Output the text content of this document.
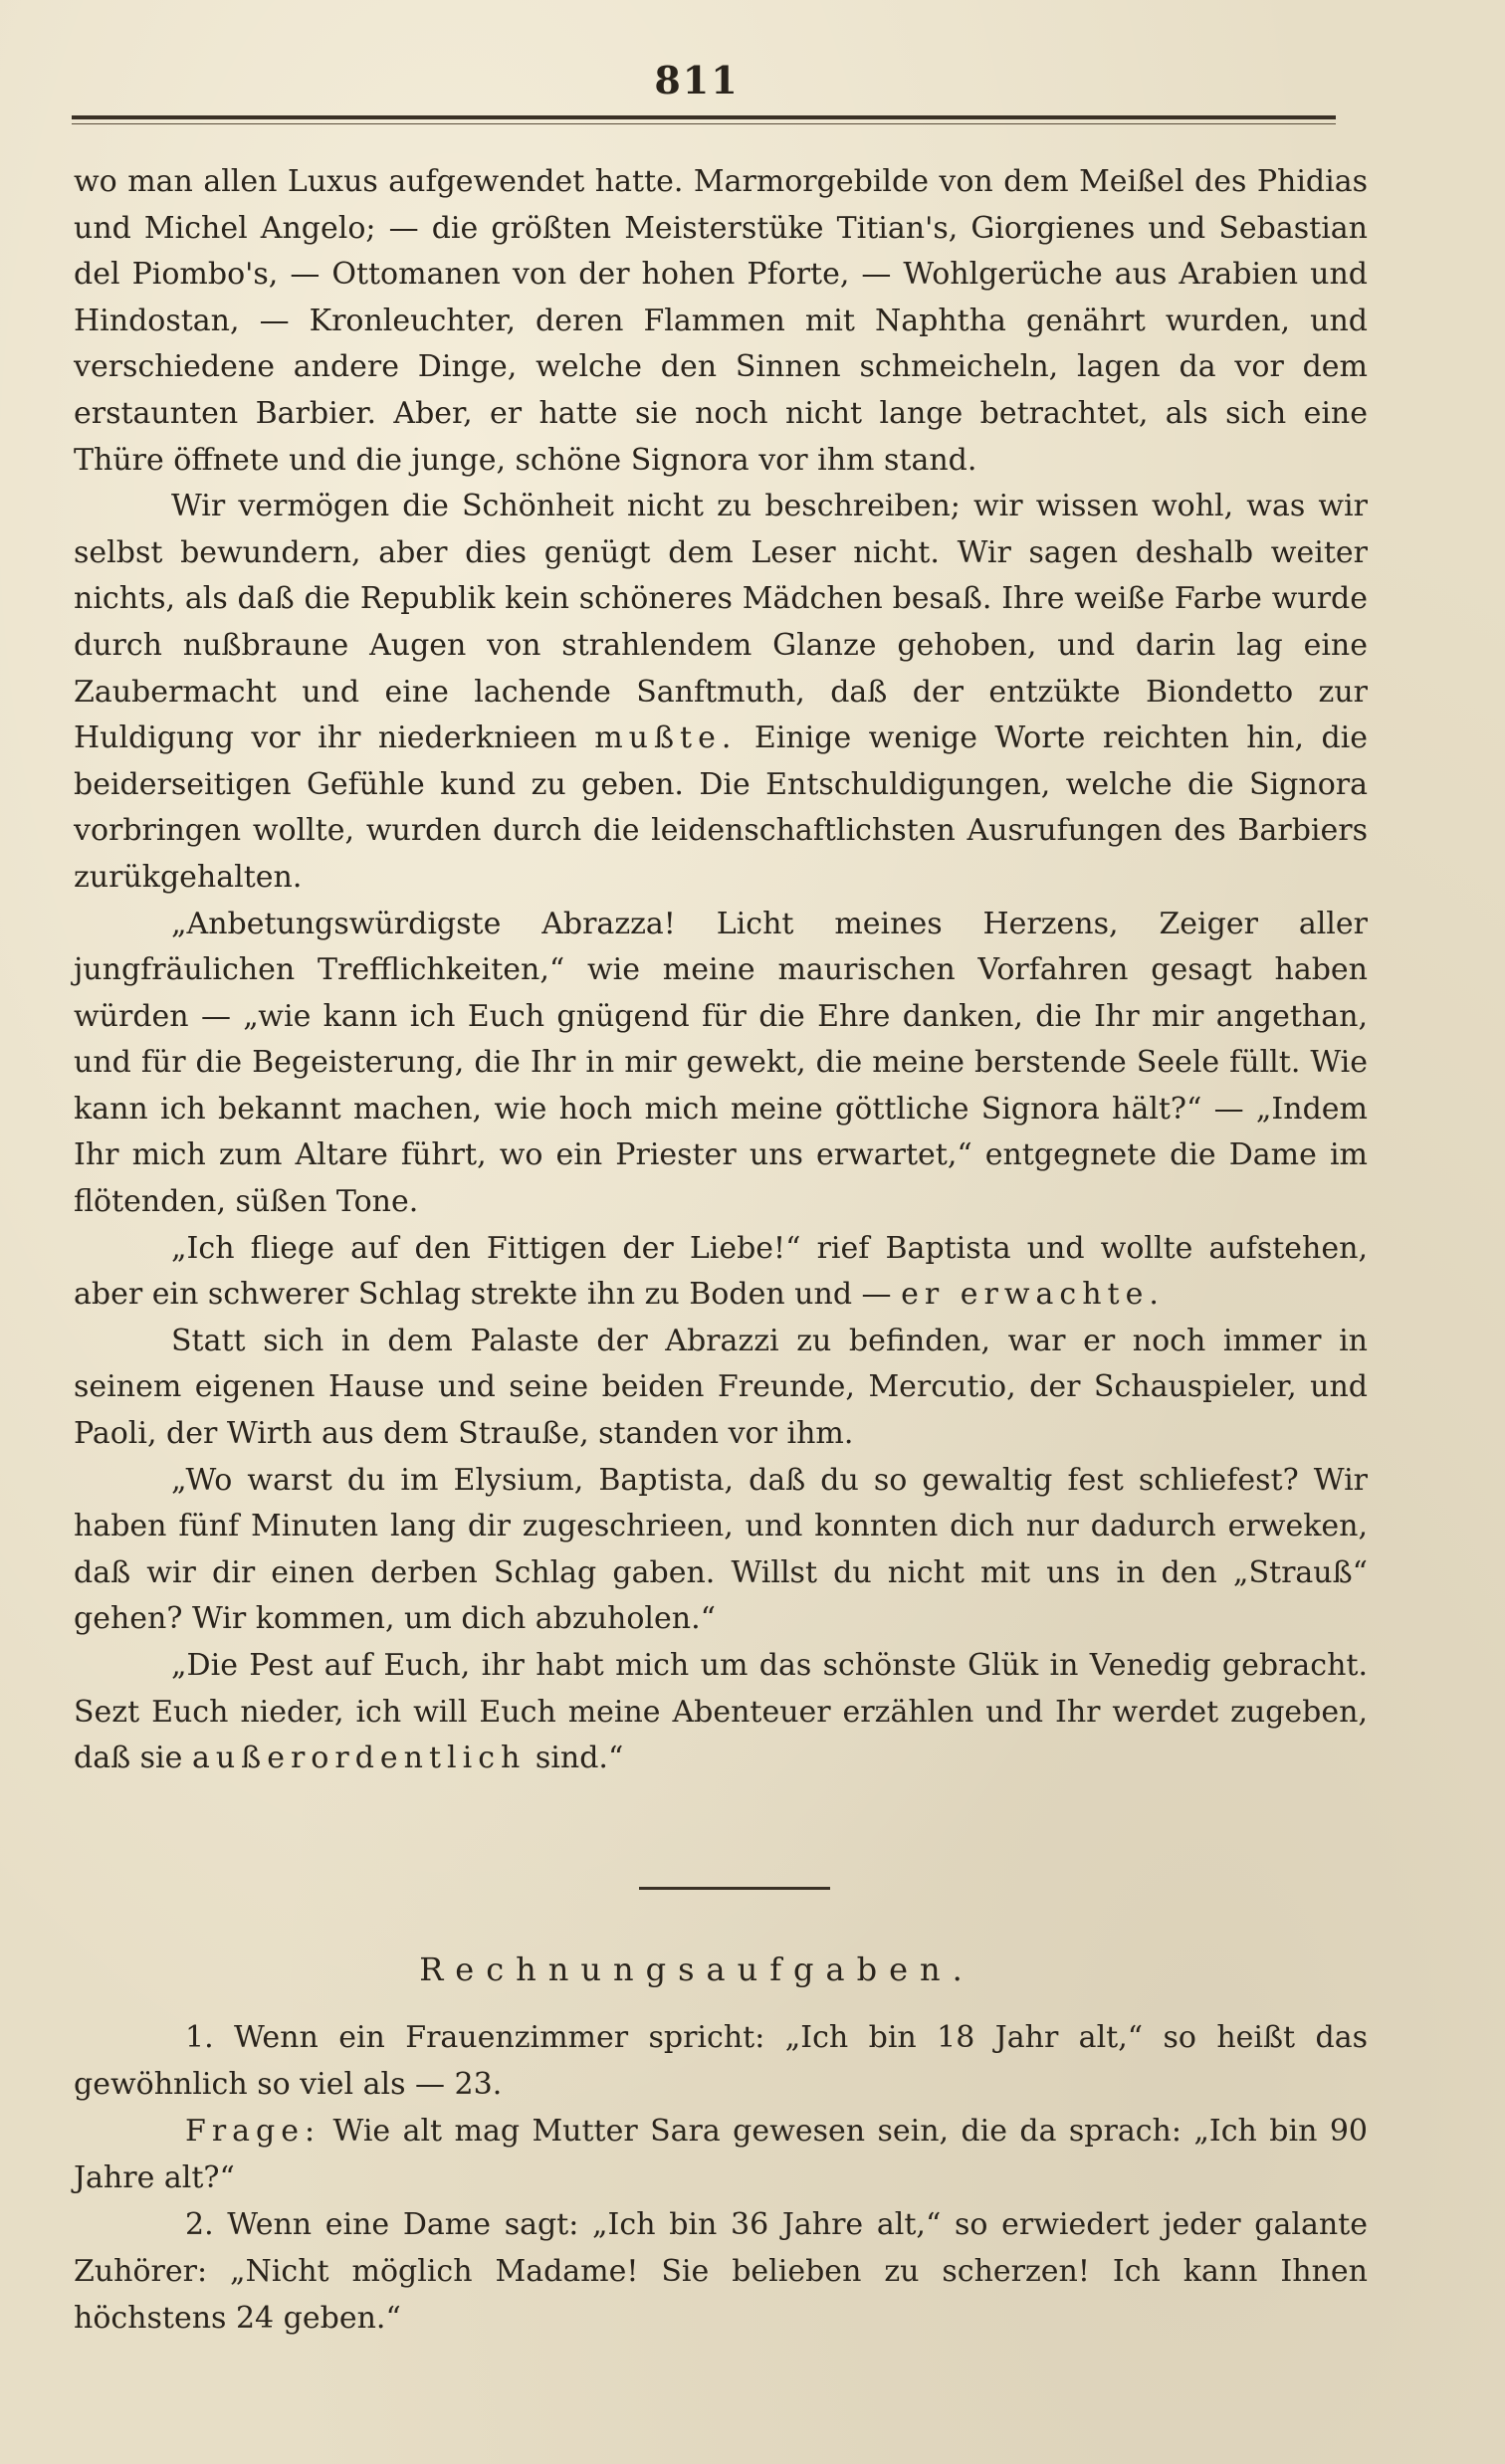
811

wo man allen Luxus aufgewendet hatte. Marmorgebilde von dem Meißel des Phidias und Michel Angelo; — die größten Meisterstüke Titian's, Giorgienes und Sebastian del Piombo's, — Ottomanen von der hohen Pforte, — Wohlgerüche aus Arabien und Hindostan, — Kronleuchter, deren Flammen mit Naphtha genährt wurden, und verschiedene andere Dinge, welche den Sinnen schmeicheln, lagen da vor dem erstaunten Barbier. Aber, er hatte sie noch nicht lange betrachtet, als sich eine Thüre öffnete und die junge, schöne Signora vor ihm stand.

Wir vermögen die Schönheit nicht zu beschreiben; wir wissen wohl, was wir selbst bewundern, aber dies genügt dem Leser nicht. Wir sagen deshalb weiter nichts, als daß die Republik kein schöneres Mädchen besaß. Ihre weiße Farbe wurde durch nußbraune Augen von strahlendem Glanze gehoben, und darin lag eine Zaubermacht und eine lachende Sanftmuth, daß der entzükte Biondetto zur Huldigung vor ihr niederknieen mußte. Einige wenige Worte reichten hin, die beiderseitigen Gefühle kund zu geben. Die Entschuldigungen, welche die Signora vorbringen wollte, wurden durch die leidenschaftlichsten Ausrufungen des Barbiers zurükgehalten.

„Anbetungswürdigste Abrazza! Licht meines Herzens, Zeiger aller jungfräulichen Trefflichkeiten,“ wie meine maurischen Vorfahren gesagt haben würden — „wie kann ich Euch gnügend für die Ehre danken, die Ihr mir angethan, und für die Begeisterung, die Ihr in mir gewekt, die meine berstende Seele füllt. Wie kann ich bekannt machen, wie hoch mich meine göttliche Signora hält?“ — „Indem Ihr mich zum Altare führt, wo ein Priester uns erwartet,“ entgegnete die Dame im flötenden, süßen Tone.

„Ich fliege auf den Fittigen der Liebe!“ rief Baptista und wollte aufstehen, aber ein schwerer Schlag strekte ihn zu Boden und — er erwachte.

Statt sich in dem Palaste der Abrazzi zu befinden, war er noch immer in seinem eigenen Hause und seine beiden Freunde, Mercutio, der Schauspieler, und Paoli, der Wirth aus dem Strauße, standen vor ihm.

„Wo warst du im Elysium, Baptista, daß du so gewaltig fest schliefest? Wir haben fünf Minuten lang dir zugeschrieen, und konnten dich nur dadurch erweken, daß wir dir einen derben Schlag gaben. Willst du nicht mit uns in den „Strauß“ gehen? Wir kommen, um dich abzuholen.“

„Die Pest auf Euch, ihr habt mich um das schönste Glük in Venedig gebracht. Sezt Euch nieder, ich will Euch meine Abenteuer erzählen und Ihr werdet zugeben, daß sie außerordentlich sind.“

Rechnungsaufgaben.

1. Wenn ein Frauenzimmer spricht: „Ich bin 18 Jahr alt,“ so heißt das gewöhnlich so viel als — 23.

Frage: Wie alt mag Mutter Sara gewesen sein, die da sprach: „Ich bin 90 Jahre alt?“

2. Wenn eine Dame sagt: „Ich bin 36 Jahre alt,“ so erwiedert jeder galante Zuhörer: „Nicht möglich Madame! Sie belieben zu scherzen! Ich kann Ihnen höchstens 24 geben.“
